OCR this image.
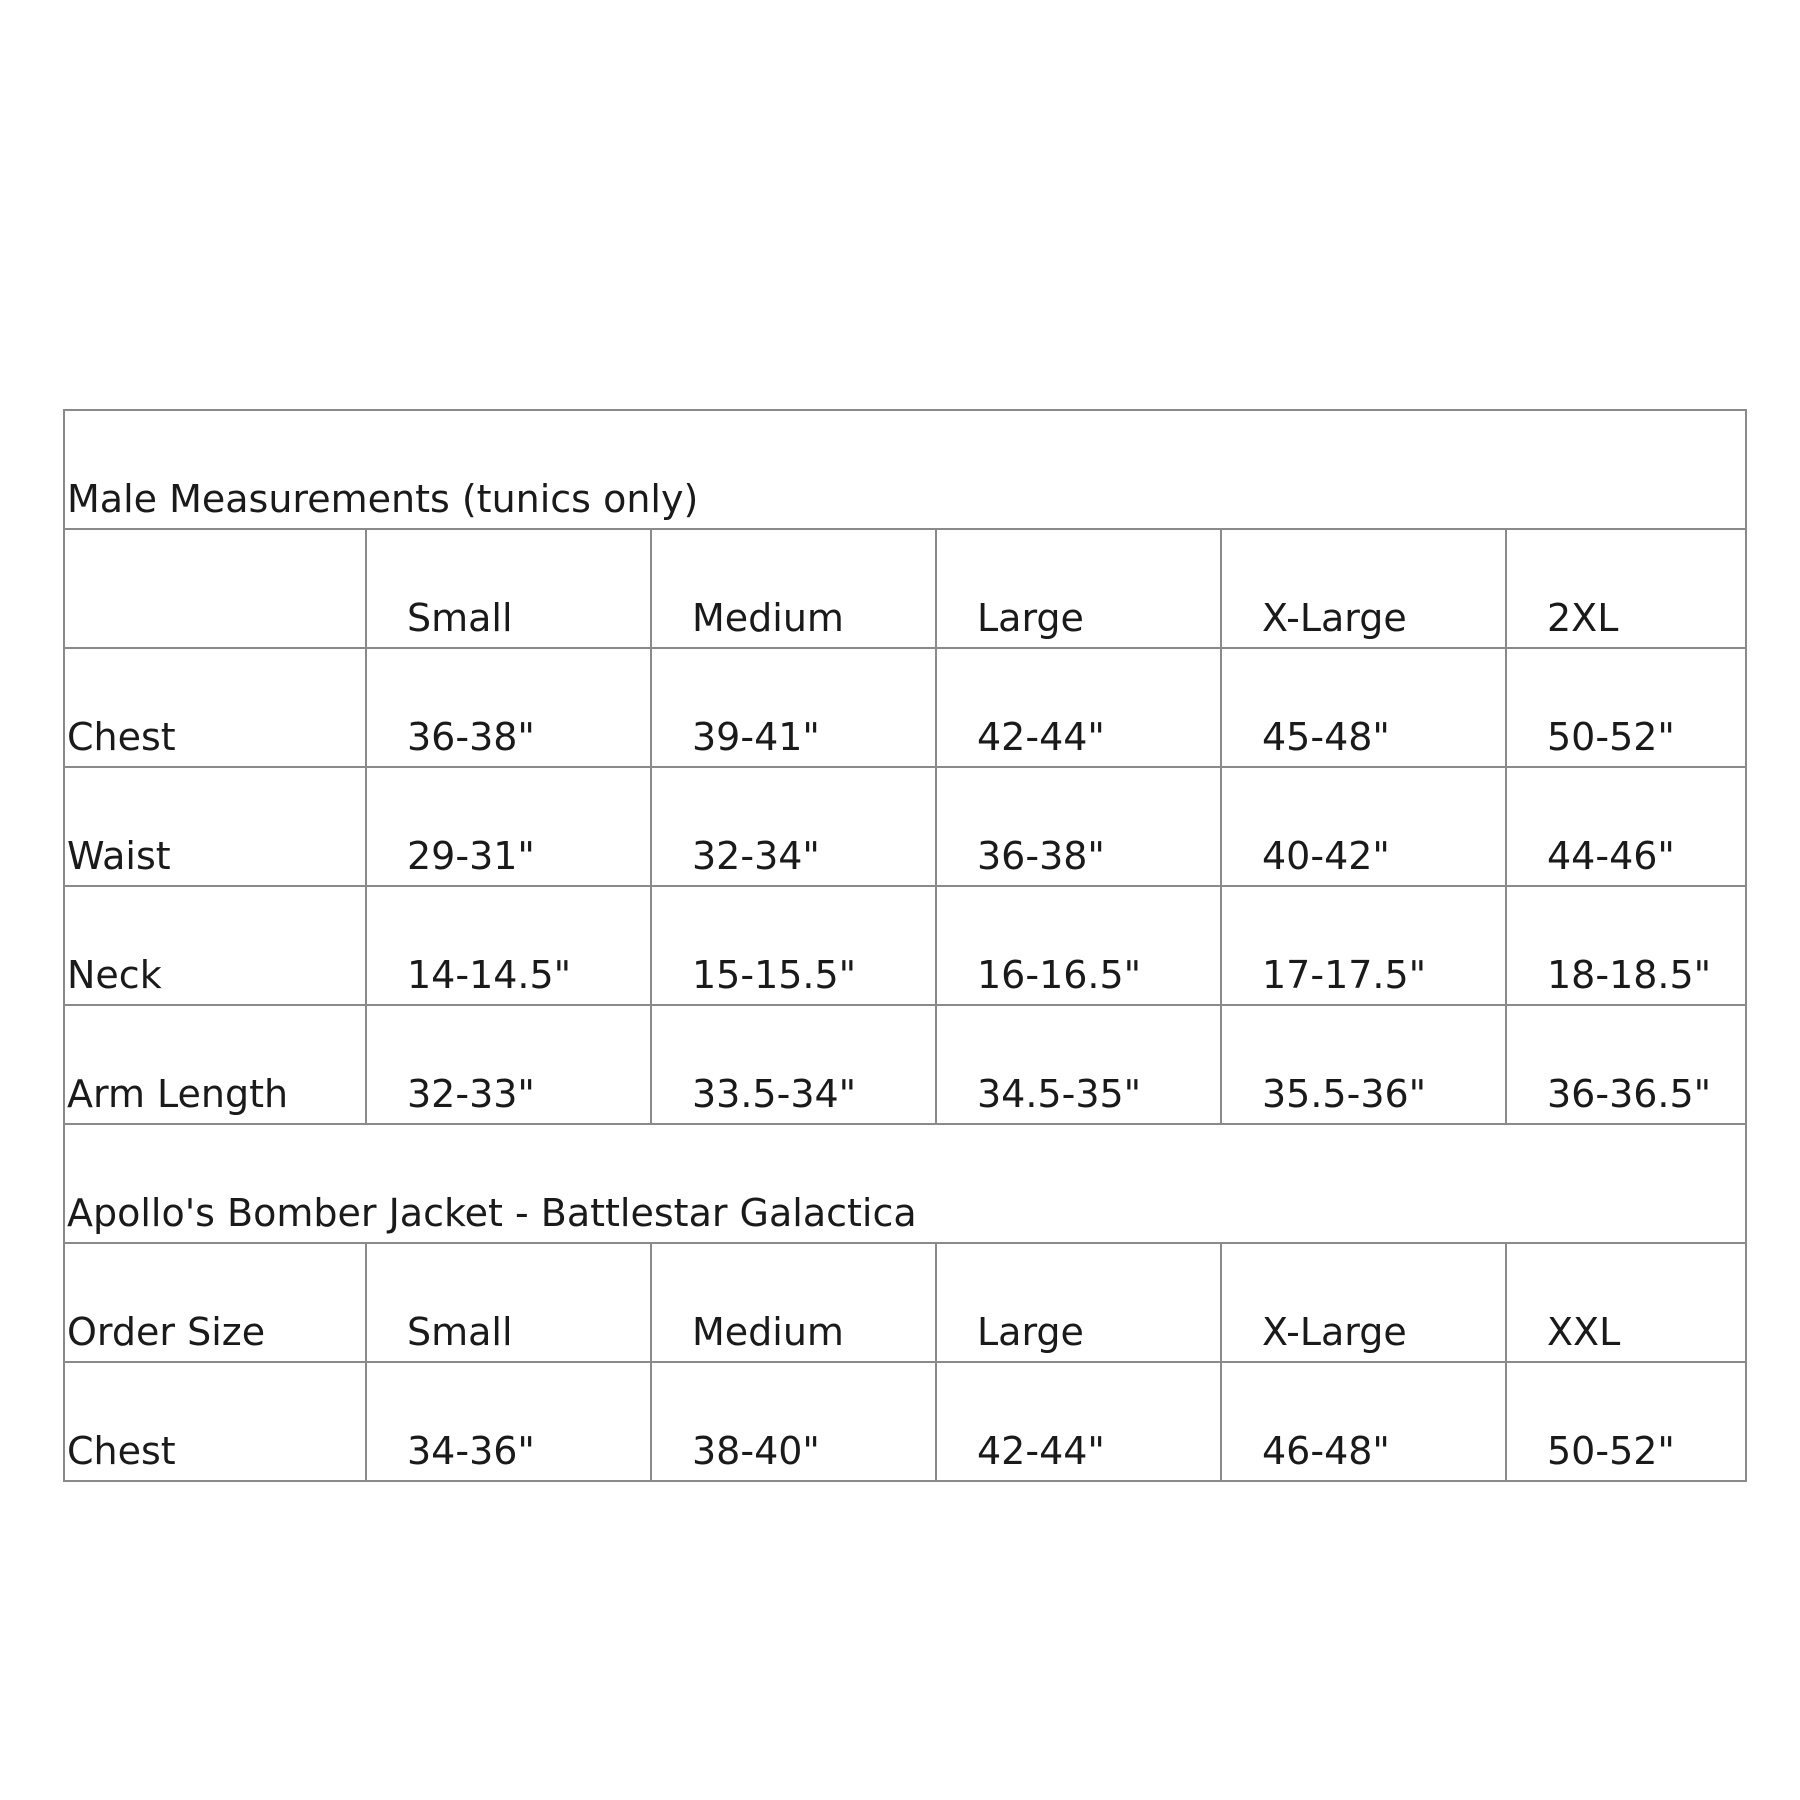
Male Measurements (tunics only)					
	Small	Medium	Large	X-Large	2XL
Chest	36-38"	39-41"	42-44"	45-48"	50-52"
Waist	29-31"	32-34"	36-38"	40-42"	44-46"
Neck	14-14.5"	15-15.5"	16-16.5"	17-17.5"	18-18.5"
Arm Length	32-33"	33.5-34"	34.5-35"	35.5-36"	36-36.5"
Apollo's Bomber Jacket - Battlestar Galactica					
Order Size	Small	Medium	Large	X-Large	XXL
Chest	34-36"	38-40"	42-44"	46-48"	50-52"
